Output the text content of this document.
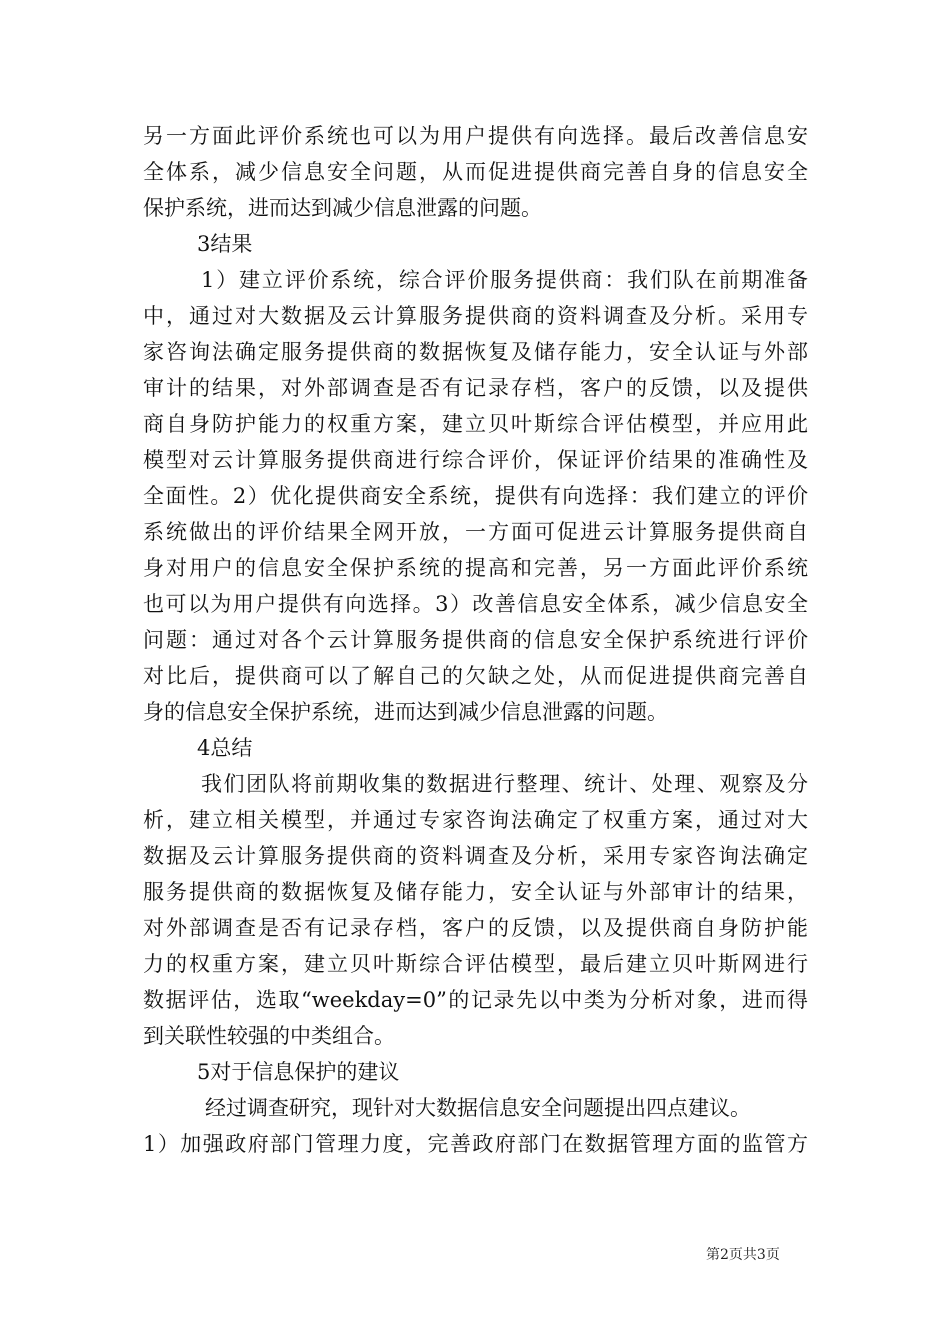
另一方面此评价系统也可以为用户提供有向选择。最后改善信息安
全体系，减少信息安全问题，从而促进提供商完善自身的信息安全
保护系统，进而达到减少信息泄露的问题。
3结果
1）建立评价系统，综合评价服务提供商：我们队在前期准备
中，通过对大数据及云计算服务提供商的资料调查及分析。采用专
家咨询法确定服务提供商的数据恢复及储存能力，安全认证与外部
审计的结果，对外部调查是否有记录存档，客户的反馈，以及提供
商自身防护能力的权重方案，建立贝叶斯综合评估模型，并应用此
模型对云计算服务提供商进行综合评价，保证评价结果的准确性及
全面性。2）优化提供商安全系统，提供有向选择：我们建立的评价
系统做出的评价结果全网开放，一方面可促进云计算服务提供商自
身对用户的信息安全保护系统的提高和完善，另一方面此评价系统
也可以为用户提供有向选择。3）改善信息安全体系，减少信息安全
问题：通过对各个云计算服务提供商的信息安全保护系统进行评价
对比后，提供商可以了解自己的欠缺之处，从而促进提供商完善自
身的信息安全保护系统，进而达到减少信息泄露的问题。
4总结
我们团队将前期收集的数据进行整理、统计、处理、观察及分
析，建立相关模型，并通过专家咨询法确定了权重方案，通过对大
数据及云计算服务提供商的资料调查及分析，采用专家咨询法确定
服务提供商的数据恢复及储存能力，安全认证与外部审计的结果，
对外部调查是否有记录存档，客户的反馈，以及提供商自身防护能
力的权重方案，建立贝叶斯综合评估模型，最后建立贝叶斯网进行
数据评估，选取“weekday=0”的记录先以中类为分析对象，进而得
到关联性较强的中类组合。
5对于信息保护的建议
经过调查研究，现针对大数据信息安全问题提出四点建议。
1）加强政府部门管理力度，完善政府部门在数据管理方面的监管方
第2页共3页
